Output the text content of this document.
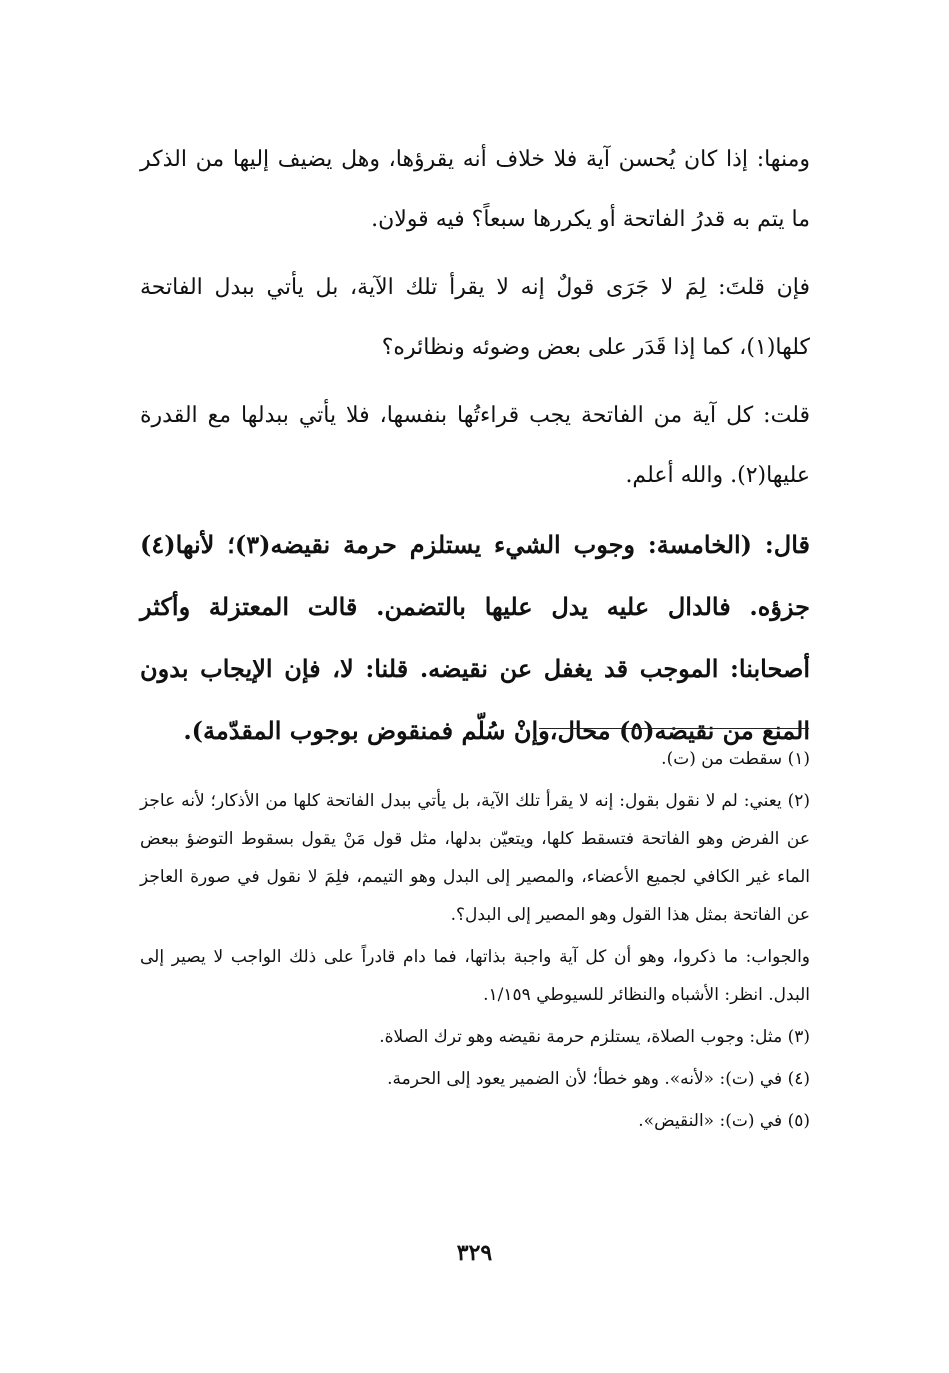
ومنها: إذا كان يُحسن آية فلا خلاف أنه يقرؤها، وهل يضيف إليها من الذكر ما يتم به قدرُ الفاتحة أو يكررها سبعاً؟ فيه قولان.

فإن قلتَ: لِمَ لا جَرَى قولٌ إنه لا يقرأ تلك الآية، بل يأتي ببدل الفاتحة كلها(١)، كما إذا قَدَر على بعض وضوئه ونظائره؟

قلت: كل آية من الفاتحة يجب قراءتُها بنفسها، فلا يأتي ببدلها مع القدرة عليها(٢). والله أعلم.

قال: (الخامسة: وجوب الشيء يستلزم حرمة نقيضه(٣)؛ لأنها(٤) جزؤه. فالدال عليه يدل عليها بالتضمن. قالت المعتزلة وأكثر أصحابنا: الموجب قد يغفل عن نقيضه. قلنا: لا، فإن الإيجاب بدون المنع من نقيضه(٥) محال،وإنْ سُلّم فمنقوض بوجوب المقدّمة).

(١) سقطت من (ت).

(٢) يعني: لم لا نقول بقول: إنه لا يقرأ تلك الآية، بل يأتي ببدل الفاتحة كلها من الأذكار؛ لأنه عاجز عن الفرض وهو الفاتحة فتسقط كلها، ويتعيّن بدلها، مثل قول مَنْ يقول بسقوط التوضؤ ببعض الماء غير الكافي لجميع الأعضاء، والمصير إلى البدل وهو التيمم، فلِمَ لا نقول في صورة العاجز عن الفاتحة بمثل هذا القول وهو المصير إلى البدل؟.

والجواب: ما ذكروا، وهو أن كل آية واجبة بذاتها، فما دام قادراً على ذلك الواجب لا يصير إلى البدل. انظر: الأشباه والنظائر للسيوطي ١/١٥٩.

(٣) مثل: وجوب الصلاة، يستلزم حرمة نقيضه وهو ترك الصلاة.

(٤) في (ت): «لأنه». وهو خطأ؛ لأن الضمير يعود إلى الحرمة.

(٥) في (ت): «النقيض».

٣٢٩
